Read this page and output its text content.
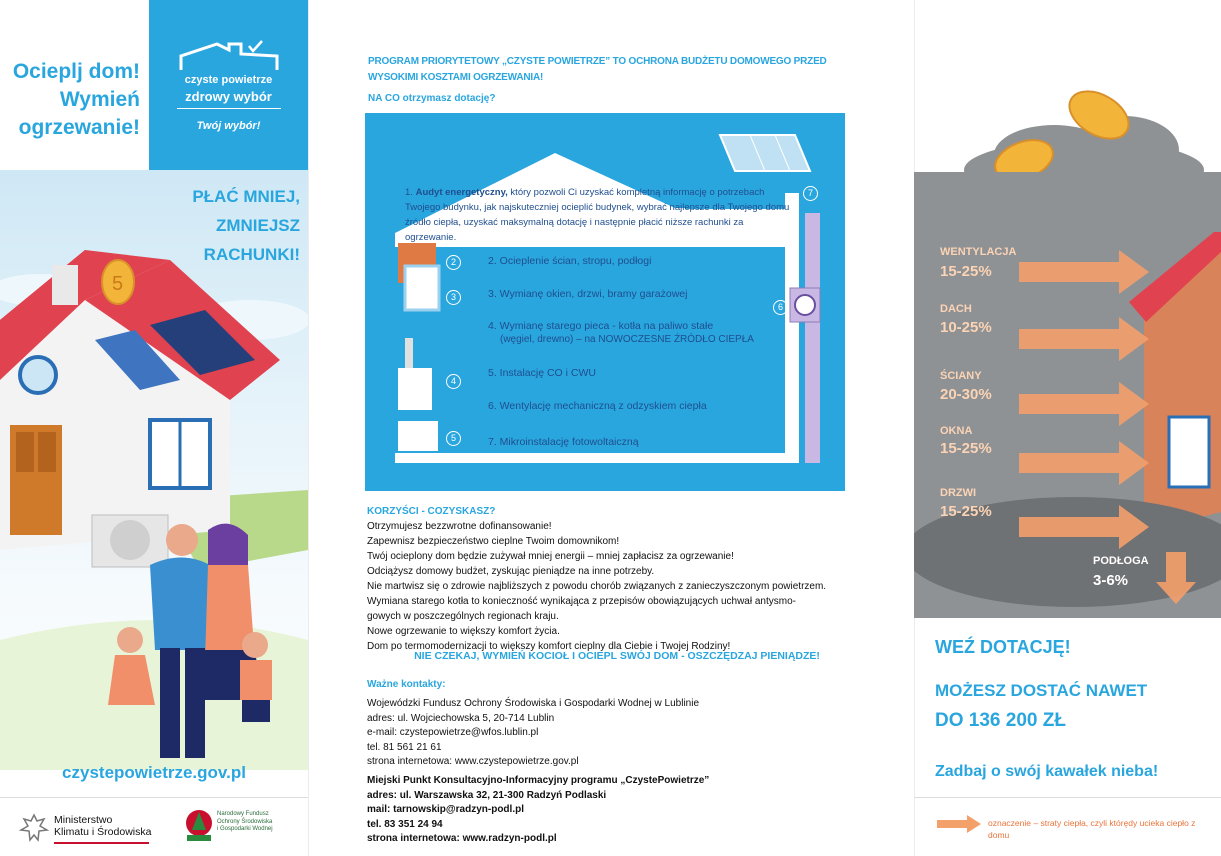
Ocieplj dom!
Wymień
ogrzewanie!
czyste powietrze
zdrowy wybór
Twój wybór!
5
PŁAĆ MNIEJ,
ZMNIEJSZ RACHUNKI!
czystepowietrze.gov.pl
Ministerstwo
Klimatu i Środowiska
Narodowy Fundusz
Ochrony Środowiska
i Gospodarki Wodnej
PROGRAM PRIORYTETOWY „CZYSTE POWIETRZE” TO OCHRONA BUDŻETU DOMOWEGO PRZED WYSOKIMI KOSZTAMI OGRZEWANIA!
NA CO otrzymasz dotację?
1. Audyt energetyczny, który pozwoli Ci uzyskać kompletną informację o potrzebach Twojego budynku, jak najskuteczniej ocieplić budynek, wybrać najlepsze dla Twojego domu źródło ciepła, uzyskać maksymalną dotację i następnie płacić niższe rachunki za ogrzewanie.
2
3
4
5
6
7
2. Ocieplenie ścian, stropu, podłogi
3. Wymianę okien, drzwi, bramy garażowej
4. Wymianę starego pieca - kotła na paliwo stałe
(węgiel, drewno) – na NOWOCZESNE ŹRÓDŁO CIEPŁA
5. Instalację CO i CWU
6. Wentylację mechaniczną z odzyskiem ciepła
7. Mikroinstalację fotowoltaiczną
KORZYŚCI - COZYSKASZ?
Otrzymujesz bezzwrotne dofinansowanie!
Zapewnisz bezpieczeństwo cieplne Twoim domownikom!
Twój ocieplony dom będzie zużywał mniej energii – mniej zapłacisz za ogrzewanie!
Odciążysz domowy budżet, zyskując pieniądze na inne potrzeby.
Nie martwisz się o zdrowie najbliższych z powodu chorób związanych z zanieczyszczonym powietrzem.
Wymiana starego kotła to konieczność wynikająca z przepisów obowiązujących uchwał antysmo-
gowych w poszczególnych regionach kraju.
Nowe ogrzewanie to większy komfort życia.
Dom po termomodernizacji to większy komfort cieplny dla Ciebie i Twojej Rodziny!
NIE CZEKAJ, WYMIEŃ KOCIOŁ I OCIEPL SWÓJ DOM - OSZCZĘDZAJ PIENIĄDZE!
Ważne kontakty:
Wojewódzki Fundusz Ochrony Środowiska i Gospodarki Wodnej w Lublinie
adres: ul. Wojciechowska 5, 20-714 Lublin
e-mail: czystepowietrze@wfos.lublin.pl
tel. 81 561 21 61
strona internetowa: www.czystepowietrze.gov.pl
Miejski Punkt Konsultacyjno-Informacyjny programu „CzystePowietrze”
adres: ul. Warszawska 32, 21-300 Radzyń Podlaski
mail: tarnowskip@radzyn-podl.pl
tel. 83 351 24 94
strona internetowa: www.radzyn-podl.pl
WENTYLACJA
15-25%
DACH
10-25%
ŚCIANY
20-30%
OKNA
15-25%
DRZWI
15-25%
PODŁOGA
3-6%
WEŹ DOTACJĘ!
MOŻESZ DOSTAĆ NAWET
DO 136 200 ZŁ
Zadbaj o swój kawałek nieba!
oznaczenie – straty ciepła, czyli którędy ucieka ciepło z domu
